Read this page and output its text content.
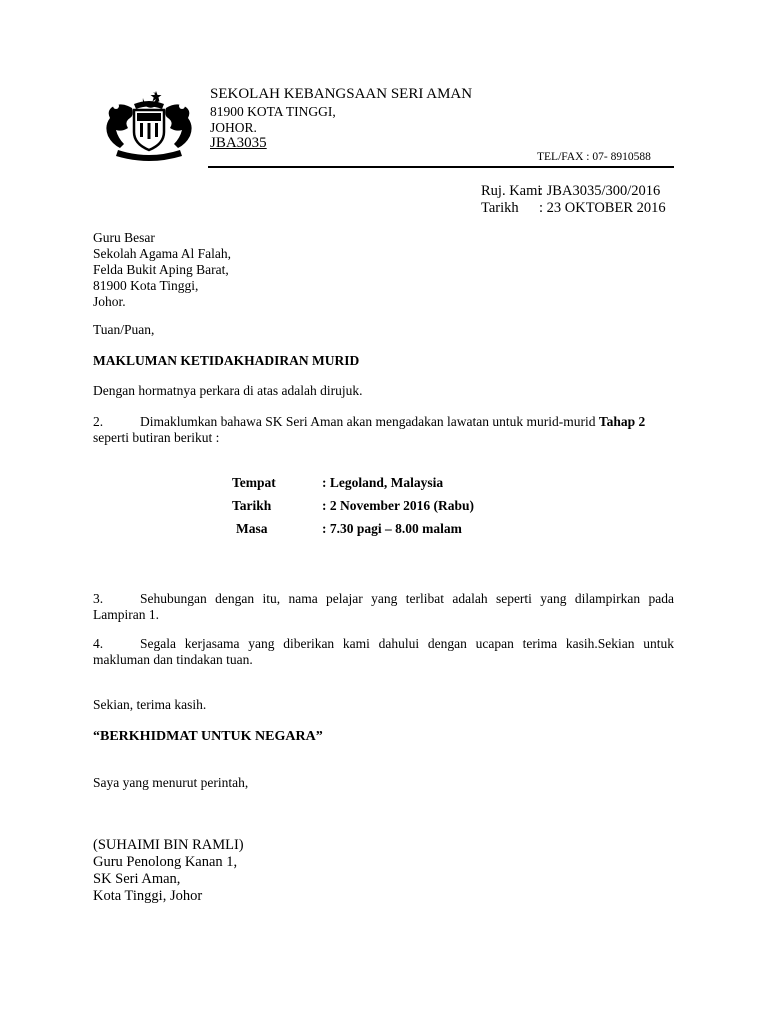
SEKOLAH KEBANGSAAN SERI AMAN
81900 KOTA TINGGI,
JOHOR.
JBA3035
TEL/FAX : 07- 8910588
Ruj. Kami: JBA3035/300/2016
Tarikh : 23 OKTOBER 2016
Guru Besar
Sekolah Agama Al Falah,
Felda Bukit Aping Barat,
81900 Kota Tinggi,
Johor.
Tuan/Puan,
MAKLUMAN KETIDAKHADIRAN MURID
Dengan hormatnya perkara di atas adalah dirujuk.
2.	Dimaklumkan bahawa SK Seri Aman akan mengadakan lawatan untuk murid-murid Tahap 2
seperti butiran berikut :
Tempat	: Legoland, Malaysia
Tarikh	: 2 November 2016 (Rabu)
Masa	: 7.30 pagi – 8.00 malam
3.	Sehubungan dengan itu, nama pelajar yang terlibat adalah seperti yang dilampirkan pada
Lampiran 1.
4.	Segala kerjasama yang diberikan kami dahului dengan ucapan terima kasih.Sekian untuk
makluman dan tindakan tuan.
Sekian, terima kasih.
“BERKHIDMAT UNTUK NEGARA”
Saya yang menurut perintah,
(SUHAIMI BIN RAMLI)
Guru Penolong Kanan 1,
SK Seri Aman,
Kota Tinggi, Johor
